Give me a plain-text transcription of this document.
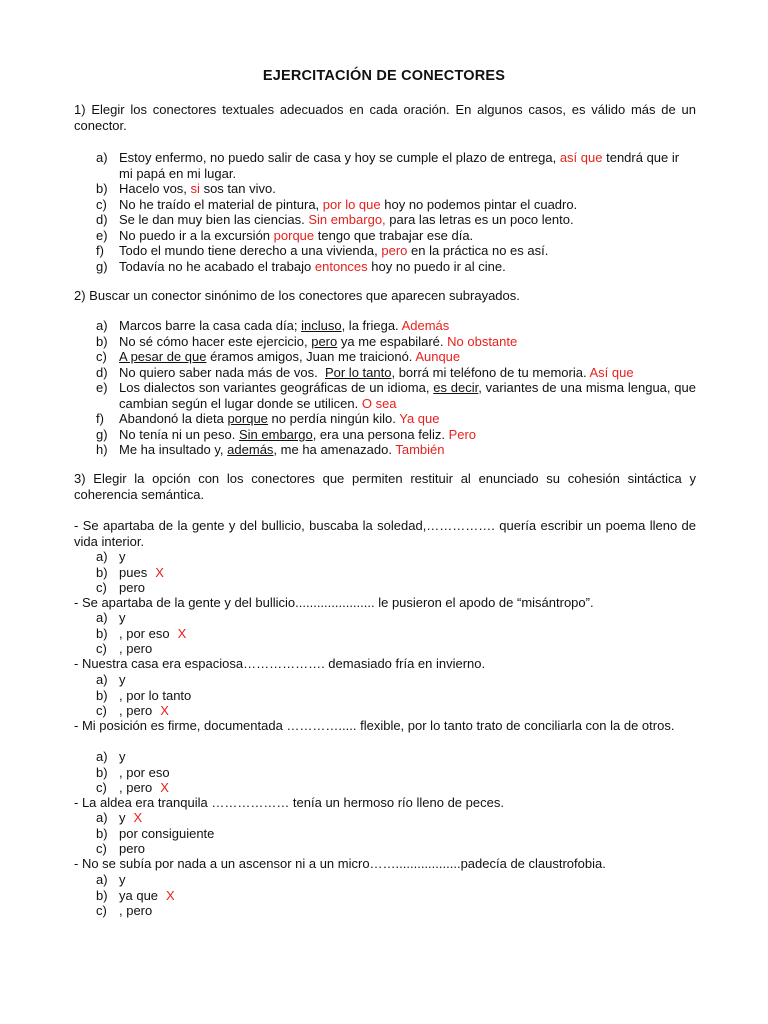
EJERCITACIÓN DE CONECTORES
1) Elegir los conectores textuales adecuados en cada oración. En algunos casos, es válido más de un conector.
a) Estoy enfermo, no puedo salir de casa y hoy se cumple el plazo de entrega, así que tendrá que ir mi papá en mi lugar.
b) Hacelo vos, si sos tan vivo.
c) No he traído el material de pintura, por lo que hoy no podemos pintar el cuadro.
d) Se le dan muy bien las ciencias. Sin embargo, para las letras es un poco lento.
e) No puedo ir a la excursión porque tengo que trabajar ese día.
f) Todo el mundo tiene derecho a una vivienda, pero en la práctica no es así.
g) Todavía no he acabado el trabajo entonces hoy no puedo ir al cine.
2) Buscar un conector sinónimo de los conectores que aparecen subrayados.
a) Marcos barre la casa cada día; incluso, la friega. Además
b) No sé cómo hacer este ejercicio, pero ya me espabilaré. No obstante
c) A pesar de que éramos amigos, Juan me traicionó. Aunque
d) No quiero saber nada más de vos. Por lo tanto, borrá mi teléfono de tu memoria. Así que
e) Los dialectos son variantes geográficas de un idioma, es decir, variantes de una misma lengua, que cambian según el lugar donde se utilicen. O sea
f) Abandonó la dieta porque no perdía ningún kilo. Ya que
g) No tenía ni un peso. Sin embargo, era una persona feliz. Pero
h) Me ha insultado y, además, me ha amenazado. También
3) Elegir la opción con los conectores que permiten restituir al enunciado su cohesión sintáctica y coherencia semántica.
- Se apartaba de la gente y del bullicio, buscaba la soledad,……………. quería escribir un poema lleno de vida interior.
a) y
b) pues X
c) pero
- Se apartaba de la gente y del bullicio...................... le pusieron el apodo de “misántropo”.
a) y
b) , por eso X
c) , pero
- Nuestra casa era espaciosa………………. demasiado fría en invierno.
a) y
b) , por lo tanto
c) , pero X
- Mi posición es firme, documentada …………..... flexible, por lo tanto trato de conciliarla con la de otros.
a) y
b) , por eso
c) , pero X
- La aldea era tranquila ……………… tenía un hermoso río lleno de peces.
a) y X
b) por consiguiente
c) pero
- No se subía por nada a un ascensor ni a un micro……..................padecía de claustrofobia.
a) y
b) ya que X
c) , pero
